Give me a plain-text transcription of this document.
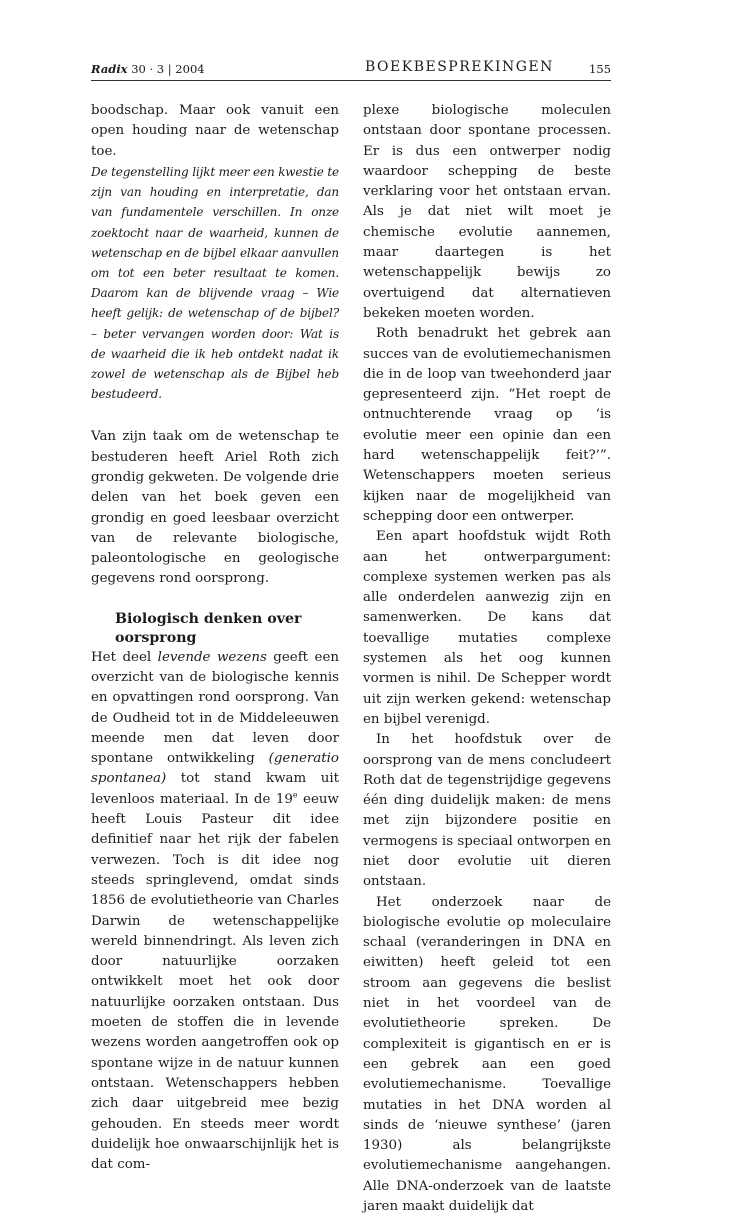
Radix 30 · 3 | 2004	BOEKBESPREKINGEN	155

boodschap. Maar ook vanuit een open houding naar de wetenschap toe.

De tegenstelling lijkt meer een kwestie te zijn van houding en interpretatie, dan van fundamentele verschillen. In onze zoektocht naar de waarheid, kunnen de wetenschap en de bijbel elkaar aanvullen om tot een beter resultaat te komen. Daarom kan de blijvende vraag – Wie heeft gelijk: de wetenschap of de bijbel? – beter vervangen worden door: Wat is de waarheid die ik heb ontdekt nadat ik zowel de wetenschap als de Bijbel heb bestudeerd.

Van zijn taak om de wetenschap te bestuderen heeft Ariel Roth zich grondig gekweten. De volgende drie delen van het boek geven een grondig en goed leesbaar overzicht van de relevante biologische, paleontologische en geologische gegevens rond oorsprong.

Biologisch denken over oorsprong

Het deel levende wezens geeft een overzicht van de biologische kennis en opvattingen rond oorsprong. Van de Oudheid tot in de Middeleeuwen meende men dat leven door spontane ontwikkeling (generatio spontanea) tot stand kwam uit levenloos materiaal. In de 19e eeuw heeft Louis Pasteur dit idee definitief naar het rijk der fabelen verwezen. Toch is dit idee nog steeds springlevend, omdat sinds 1856 de evolutietheorie van Charles Darwin de wetenschappelijke wereld binnendringt. Als leven zich door natuurlijke oorzaken ontwikkelt moet het ook door natuurlijke oorzaken ontstaan. Dus moeten de stoffen die in levende wezens worden aangetroffen ook op spontane wijze in de natuur kunnen ontstaan. Wetenschappers hebben zich daar uitgebreid mee bezig gehouden. En steeds meer wordt duidelijk hoe onwaarschijnlijk het is dat com-

plexe biologische moleculen ontstaan door spontane processen. Er is dus een ontwerper nodig waardoor schepping de beste verklaring voor het ontstaan ervan. Als je dat niet wilt moet je chemische evolutie aannemen, maar daartegen is het wetenschappelijk bewijs zo overtuigend dat alternatieven bekeken moeten worden.

Roth benadrukt het gebrek aan succes van de evolutiemechanismen die in de loop van tweehonderd jaar gepresenteerd zijn. “Het roept de ontnuchterende vraag op ‘is evolutie meer een opinie dan een hard wetenschappelijk feit?’”. Wetenschappers moeten serieus kijken naar de mogelijkheid van schepping door een ontwerper.

Een apart hoofdstuk wijdt Roth aan het ontwerpargument: complexe systemen werken pas als alle onderdelen aanwezig zijn en samenwerken. De kans dat toevallige mutaties complexe systemen als het oog kunnen vormen is nihil. De Schepper wordt uit zijn werken gekend: wetenschap en bijbel verenigd.

In het hoofdstuk over de oorsprong van de mens concludeert Roth dat de tegenstrijdige gegevens één ding duidelijk maken: de mens met zijn bijzondere positie en vermogens is speciaal ontworpen en niet door evolutie uit dieren ontstaan.

Het onderzoek naar de biologische evolutie op moleculaire schaal (veranderingen in DNA en eiwitten) heeft geleid tot een stroom aan gegevens die beslist niet in het voordeel van de evolutietheorie spreken. De complexiteit is gigantisch en er is een gebrek aan een goed evolutiemechanisme. Toevallige mutaties in het DNA worden al sinds de ‘nieuwe synthese’ (jaren 1930) als belangrijkste evolutiemechanisme aangehangen. Alle DNA-onderzoek van de laatste jaren maakt duidelijk dat
